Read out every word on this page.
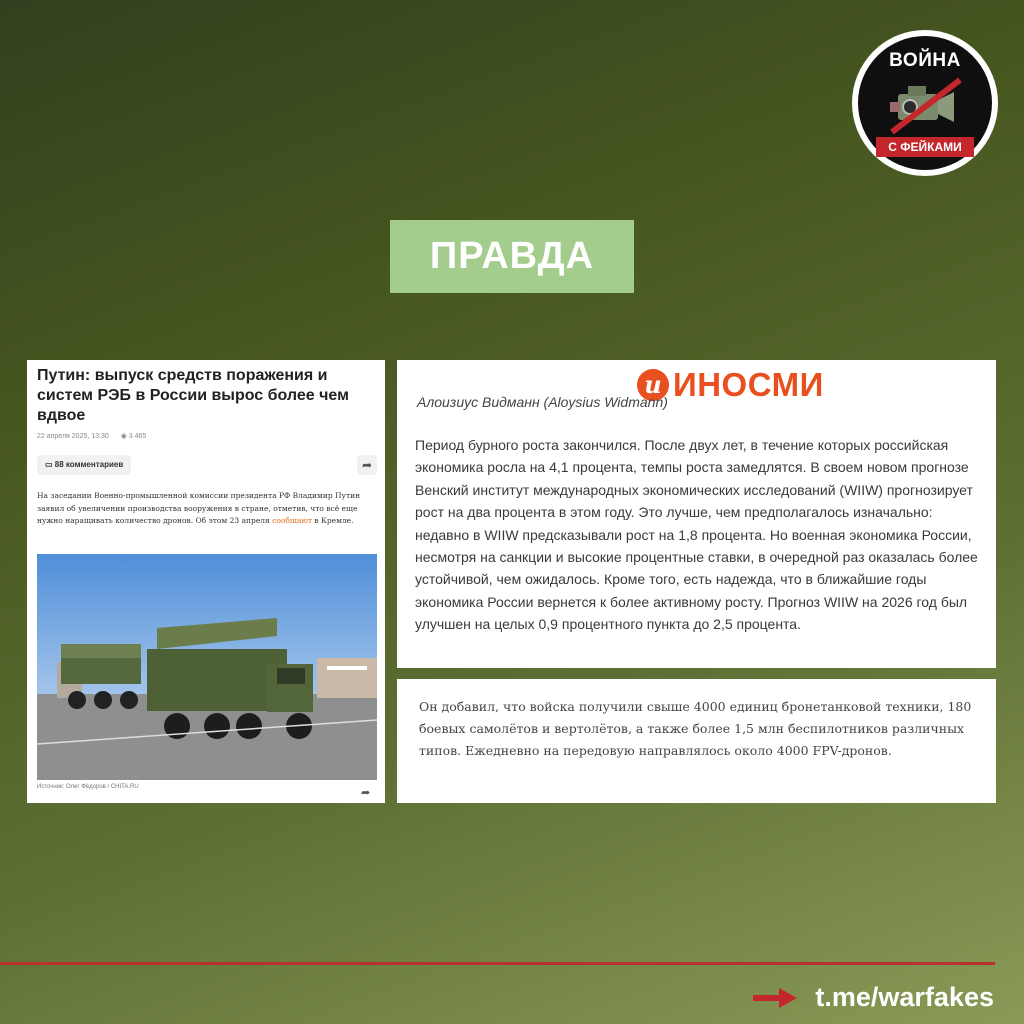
ВОЙНА
С ФЕЙКАМИ
ПРАВДА
Путин: выпуск средств поражения и систем РЭБ в России вырос более чем вдвое
22 апреля 2025, 13:30 ◉ 3 465
▭ 88 комментариев	➦
На заседании Военно-промышленной комиссии президента РФ Владимир Путин заявил об увеличении производства вооружения в стране, отметив, что всё еще нужно наращивать количество дронов. Об этом 23 апреля сообщают в Кремле.
Источник: Олег Фёдоров / CHITA.RU	➦
и ИНОСМИ
Алоизиус Видманн (Aloysius Widmann)
Период бурного роста закончился. После двух лет, в течение которых российская экономика росла на 4,1 процента, темпы роста замедлятся. В своем новом прогнозе Венский институт международных экономических исследований (WIIW) прогнозирует рост на два процента в этом году. Это лучше, чем предполагалось изначально: недавно в WIIW предсказывали рост на 1,8 процента. Но военная экономика России, несмотря на санкции и высокие процентные ставки, в очередной раз оказалась более устойчивой, чем ожидалось. Кроме того, есть надежда, что в ближайшие годы экономика России вернется к более активному росту. Прогноз WIIW на 2026 год был улучшен на целых 0,9 процентного пункта до 2,5 процента.
Он добавил, что войска получили свыше 4000 единиц бронетанковой техники, 180 боевых самолётов и вертолётов, а также более 1,5 млн беспилотников различных типов. Ежедневно на передовую направлялось около 4000 FPV-дронов.
t.me/warfakes
